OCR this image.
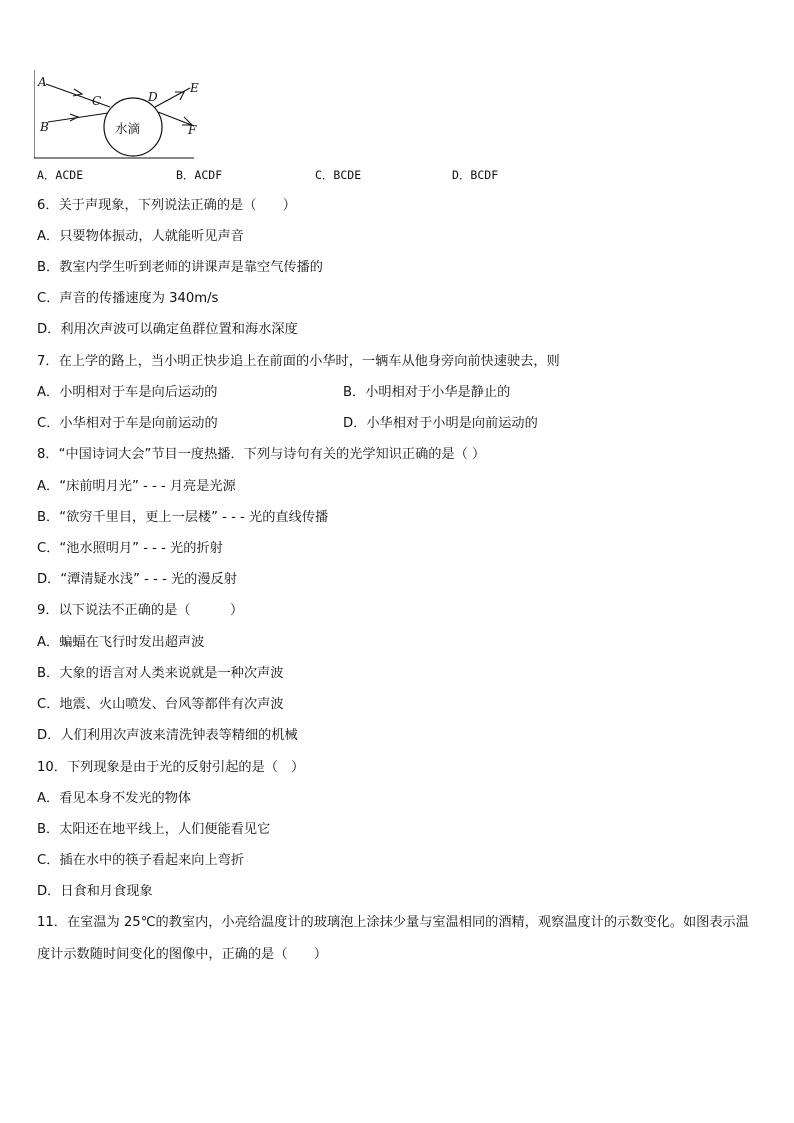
A
B
C	D
E
F
水滴
A．ACDE	B．ACDF	C．BCDE	D．BCDF
6．关于声现象，下列说法正确的是（　　）
A．只要物体振动，人就能听见声音
B．教室内学生听到老师的讲课声是靠空气传播的
C．声音的传播速度为 340m/s
D．利用次声波可以确定鱼群位置和海水深度
7．在上学的路上，当小明正快步追上在前面的小华时，一辆车从他身旁向前快速驶去，则
A．小明相对于车是向后运动的	B．小明相对于小华是静止的
C．小华相对于车是向前运动的	D．小华相对于小明是向前运动的
8．“中国诗词大会”节目一度热播．下列与诗句有关的光学知识正确的是（ ）
A．“床前明月光” - - - 月亮是光源
B．“欲穷千里目，更上一层楼” - - - 光的直线传播
C．“池水照明月” - - - 光的折射
D．“潭清疑水浅” - - - 光的漫反射
9．以下说法不正确的是（　　　）
A．蝙蝠在飞行时发出超声波
B．大象的语言对人类来说就是一种次声波
C．地震、火山喷发、台风等都伴有次声波
D．人们利用次声波来清洗钟表等精细的机械
10．下列现象是由于光的反射引起的是（　）
A．看见本身不发光的物体
B．太阳还在地平线上，人们便能看见它
C．插在水中的筷子看起来向上弯折
D．日食和月食现象
11．在室温为 25℃的教室内，小亮给温度计的玻璃泡上涂抹少量与室温相同的酒精，观察温度计的示数变化。如图表示温度计示数随时间变化的图像中，正确的是（　　）
